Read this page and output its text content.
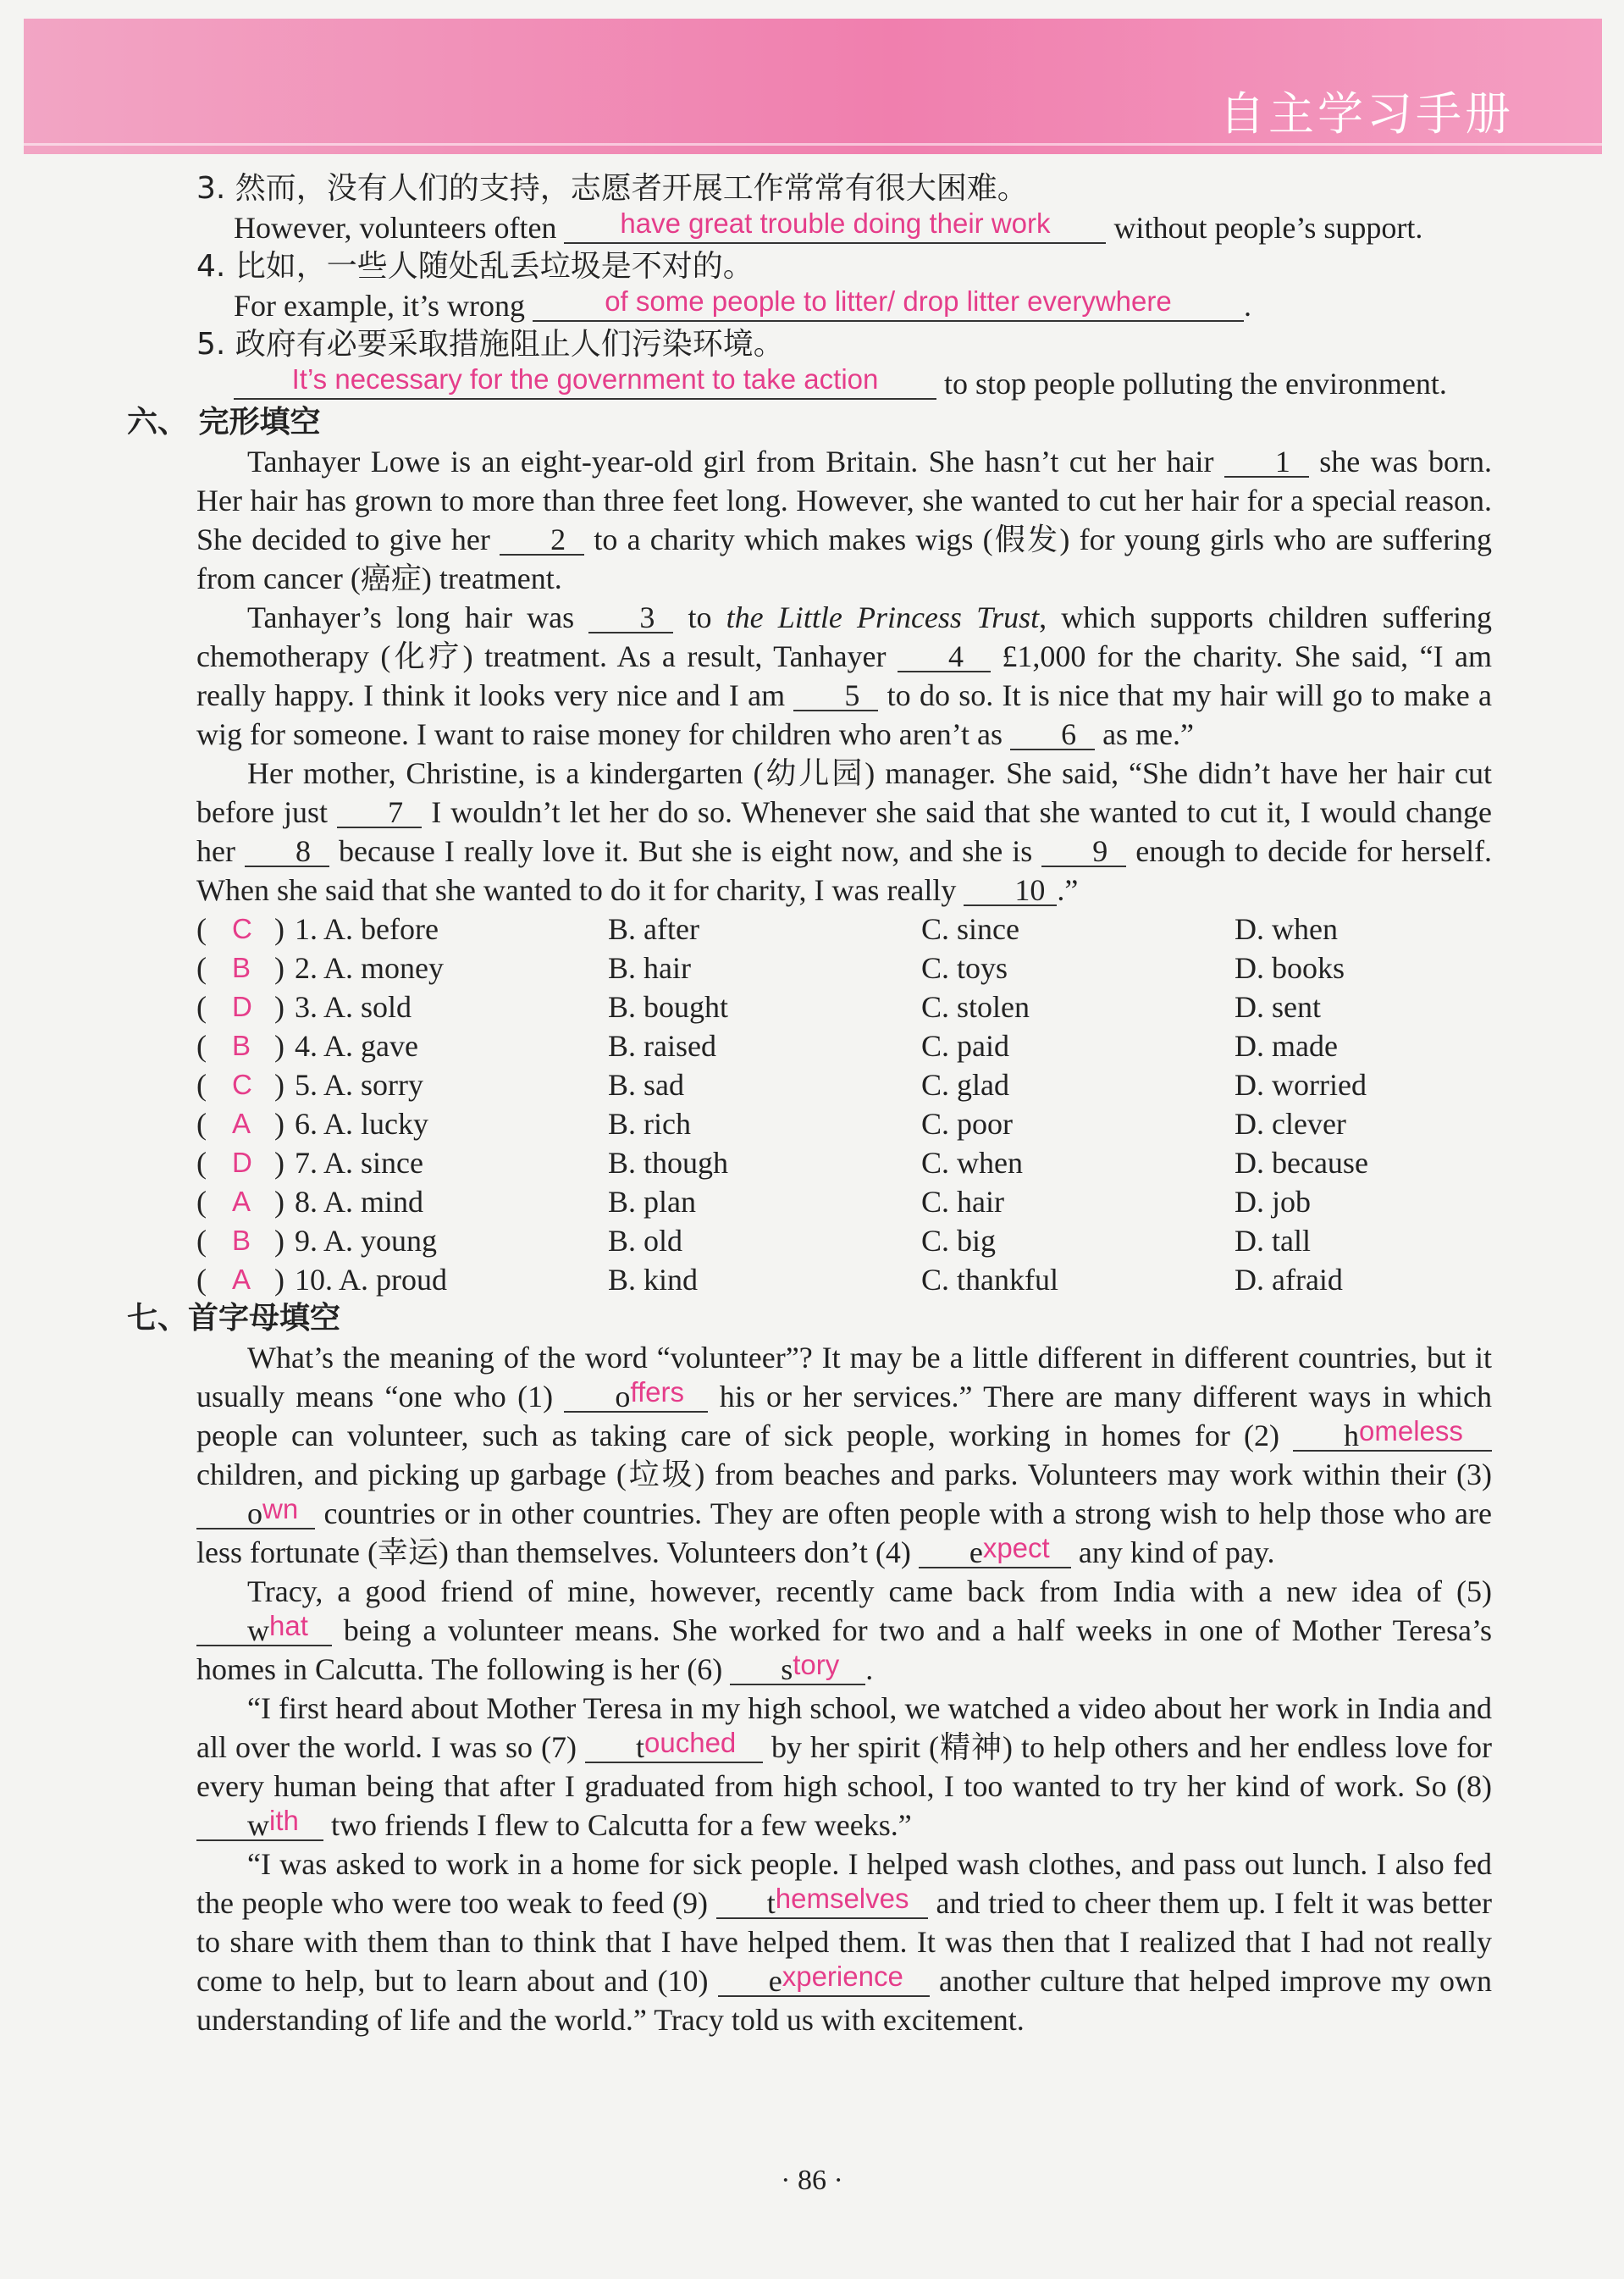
自主学习手册
3. 然而，没有人们的支持，志愿者开展工作常常有很大困难。
However, volunteers often have great trouble doing their work without people’s support.
4. 比如，一些人随处乱丢垃圾是不对的。
For example, it’s wrong	of some people to litter/ drop litter everywhere .
5. 政府有必要采取措施阻止人们污染环境。
It’s necessary for the government to take action to stop people polluting the environment.
六、 完形填空
Tanhayer Lowe is an eight-year-old girl from Britain. She hasn’t cut her hair 1 she was born. Her hair has grown to more than three feet long. However, she wanted to cut her hair for a special reason. She decided to give her 2 to a charity which makes wigs (假发) for young girls who are suffering from cancer (癌症) treatment.
Tanhayer’s long hair was 3 to the Little Princess Trust, which supports children suffering chemotherapy (化疗) treatment. As a result, Tanhayer 4 £1,000 for the charity. She said, “I am really happy. I think it looks very nice and I am 5 to do so. It is nice that my hair will go to make a wig for someone. I want to raise money for children who aren’t as 6 as me.”
Her mother, Christine, is a kindergarten (幼儿园) manager. She said, “She didn’t have her hair cut before just 7 I wouldn’t let her do so. Whenever she said that she wanted to cut it, I would change her 8 because I really love it. But she is eight now, and she is 9 enough to decide for herself. When she said that she wanted to do it for charity, I was really 10 .”
( C ) 1. A. before	B. after	C. since	D. when
( B ) 2. A. money	B. hair	C. toys	D. books
( D ) 3. A. sold	B. bought	C. stolen	D. sent
( B ) 4. A. gave	B. raised	C. paid	D. made
( C ) 5. A. sorry	B. sad	C. glad	D. worried
( A ) 6. A. lucky	B. rich	C. poor	D. clever
( D ) 7. A. since	B. though	C. when	D. because
( A ) 8. A. mind	B. plan	C. hair	D. job
( B ) 9. A. young	B. old	C. big	D. tall
( A ) 10. A. proud	B. kind	C. thankful	D. afraid
七、首字母填空
What’s the meaning of the word “volunteer”? It may be a little different in different countries, but it usually means “one who (1) offers his or her services.” There are many different ways in which people can volunteer, such as taking care of sick people, working in homes for (2) homeless children, and picking up garbage (垃圾) from beaches and parks. Volunteers may work within their (3) own countries or in other countries. They are often people with a strong wish to help those who are less fortunate (幸运) than themselves. Volunteers don’t (4) expect any kind of pay.
Tracy, a good friend of mine, however, recently came back from India with a new idea of (5) what being a volunteer means. She worked for two and a half weeks in one of Mother Teresa’s homes in Calcutta. The following is her (6) story .
“I first heard about Mother Teresa in my high school, we watched a video about her work in India and all over the world. I was so (7) touched by her spirit (精神) to help others and her endless love for every human being that after I graduated from high school, I too wanted to try her kind of work. So (8) with two friends I flew to Calcutta for a few weeks.”
“I was asked to work in a home for sick people. I helped wash clothes, and pass out lunch. I also fed the people who were too weak to feed (9) themselves and tried to cheer them up. I felt it was better to share with them than to think that I have helped them. It was then that I realized that I had not really come to help, but to learn about and (10) experience another culture that helped improve my own understanding of life and the world.” Tracy told us with excitement.
· 86 ·
